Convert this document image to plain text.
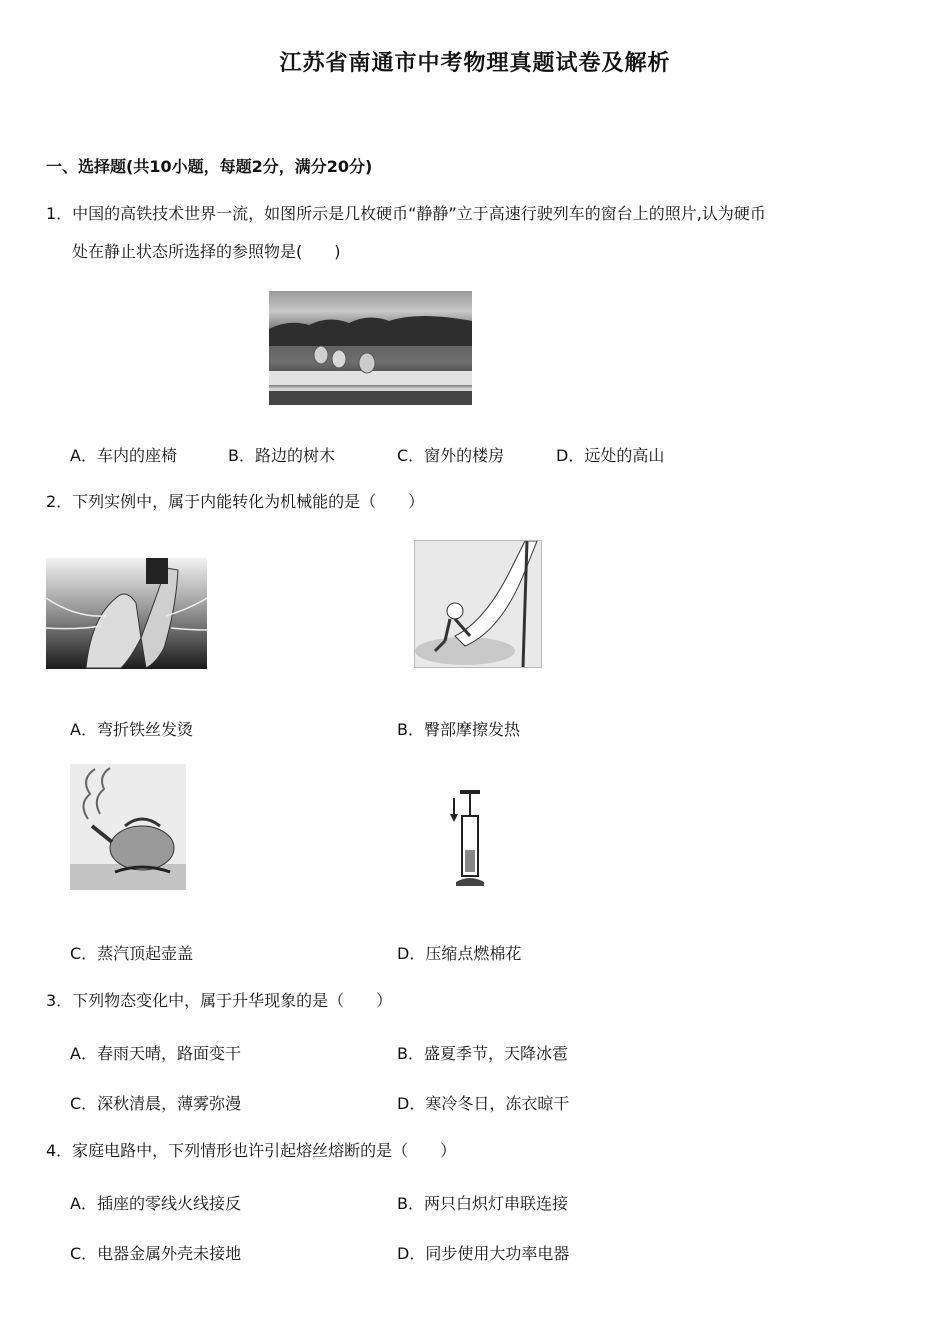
江苏省南通市中考物理真题试卷及解析
一、选择题(共10小题，每题2分，满分20分)
1．中国的高铁技术世界一流，如图所示是几枚硬币“静静”立于高速行驶列车的窗台上的照片,认为硬币
处在静止状态所选择的参照物是(　　)
A．车内的座椅	B．路边的树木	C．窗外的楼房	D．远处的高山
2．下列实例中，属于内能转化为机械能的是（　　）
A．弯折铁丝发烫	B．臀部摩擦发热
C．蒸汽顶起壶盖	D．压缩点燃棉花
3．下列物态变化中，属于升华现象的是（　　）
A．春雨天晴，路面变干	B．盛夏季节，天降冰雹
C．深秋清晨，薄雾弥漫	D．寒冷冬日，冻衣晾干
4．家庭电路中，下列情形也许引起熔丝熔断的是（　　）
A．插座的零线火线接反	B．两只白炽灯串联连接
C．电器金属外壳未接地	D．同步使用大功率电器
